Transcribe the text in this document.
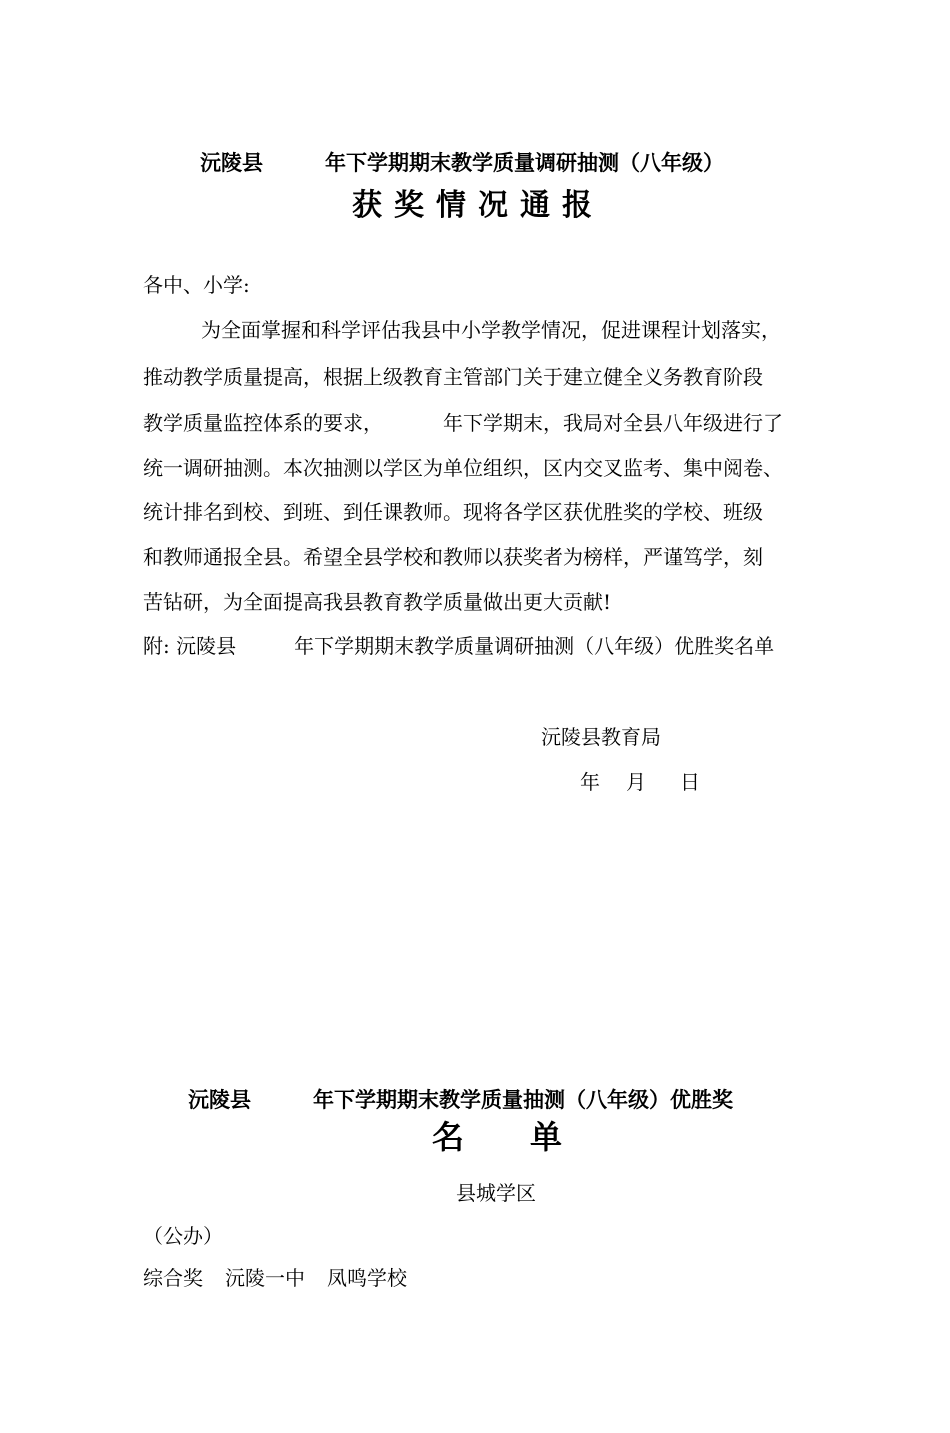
沅陵县	年下学期期末教学质量调研抽测（八年级）
获奖情况通报
各中、小学:
为全面掌握和科学评估我县中小学教学情况，促进课程计划落实，
推动教学质量提高，根据上级教育主管部门关于建立健全义务教育阶段
教学质量监控体系的要求，	年下学期末，我局对全县八年级进行了
统一调研抽测。本次抽测以学区为单位组织，区内交叉监考、集中阅卷、
统计排名到校、到班、到任课教师。现将各学区获优胜奖的学校、班级
和教师通报全县。希望全县学校和教师以获奖者为榜样，严谨笃学，刻
苦钻研，为全面提高我县教育教学质量做出更大贡献!
附: 沅陵县	年下学期期末教学质量调研抽测（八年级）优胜奖名单
沅陵县教育局
年 月 日
沅陵县	年下学期期末教学质量抽测（八年级）优胜奖
名 单
县城学区
（公办）
综合奖 沅陵一中 凤鸣学校
